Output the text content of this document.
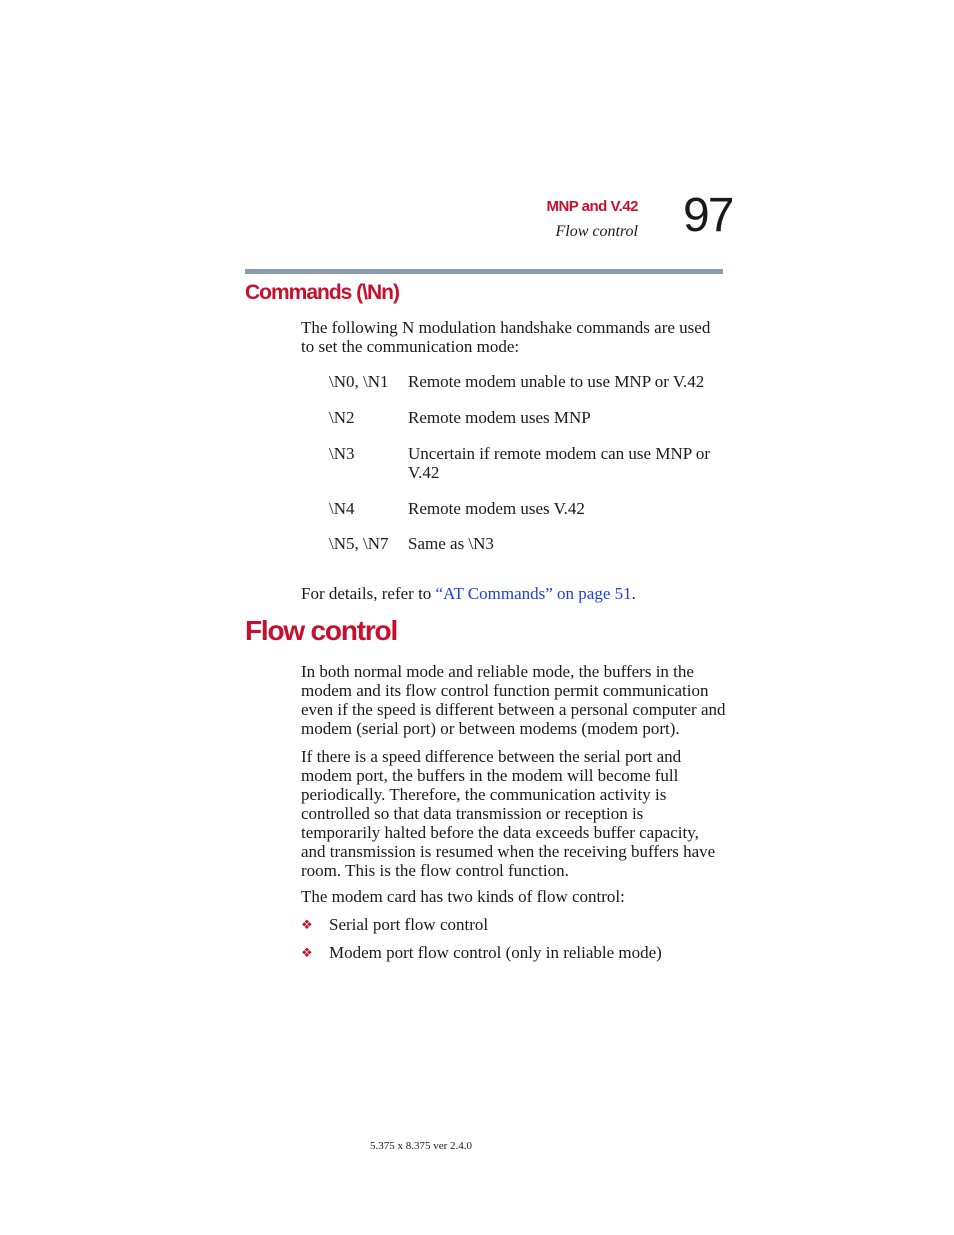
MNP and V.42
Flow control 97
Commands (\Nn)

The following N modulation handshake commands are used to set the communication mode:

\N0, \N1	Remote modem unable to use MNP or V.42
\N2	Remote modem uses MNP
\N3	Uncertain if remote modem can use MNP or V.42
\N4	Remote modem uses V.42
\N5, \N7	Same as \N3

For details, refer to “AT Commands” on page 51.

Flow control

In both normal mode and reliable mode, the buffers in the modem and its flow control function permit communication even if the speed is different between a personal computer and modem (serial port) or between modems (modem port).

If there is a speed difference between the serial port and modem port, the buffers in the modem will become full periodically. Therefore, the communication activity is controlled so that data transmission or reception is temporarily halted before the data exceeds buffer capacity, and transmission is resumed when the receiving buffers have room. This is the flow control function.

The modem card has two kinds of flow control:

❖ Serial port flow control
❖ Modem port flow control (only in reliable mode)
5.375 x 8.375 ver 2.4.0
